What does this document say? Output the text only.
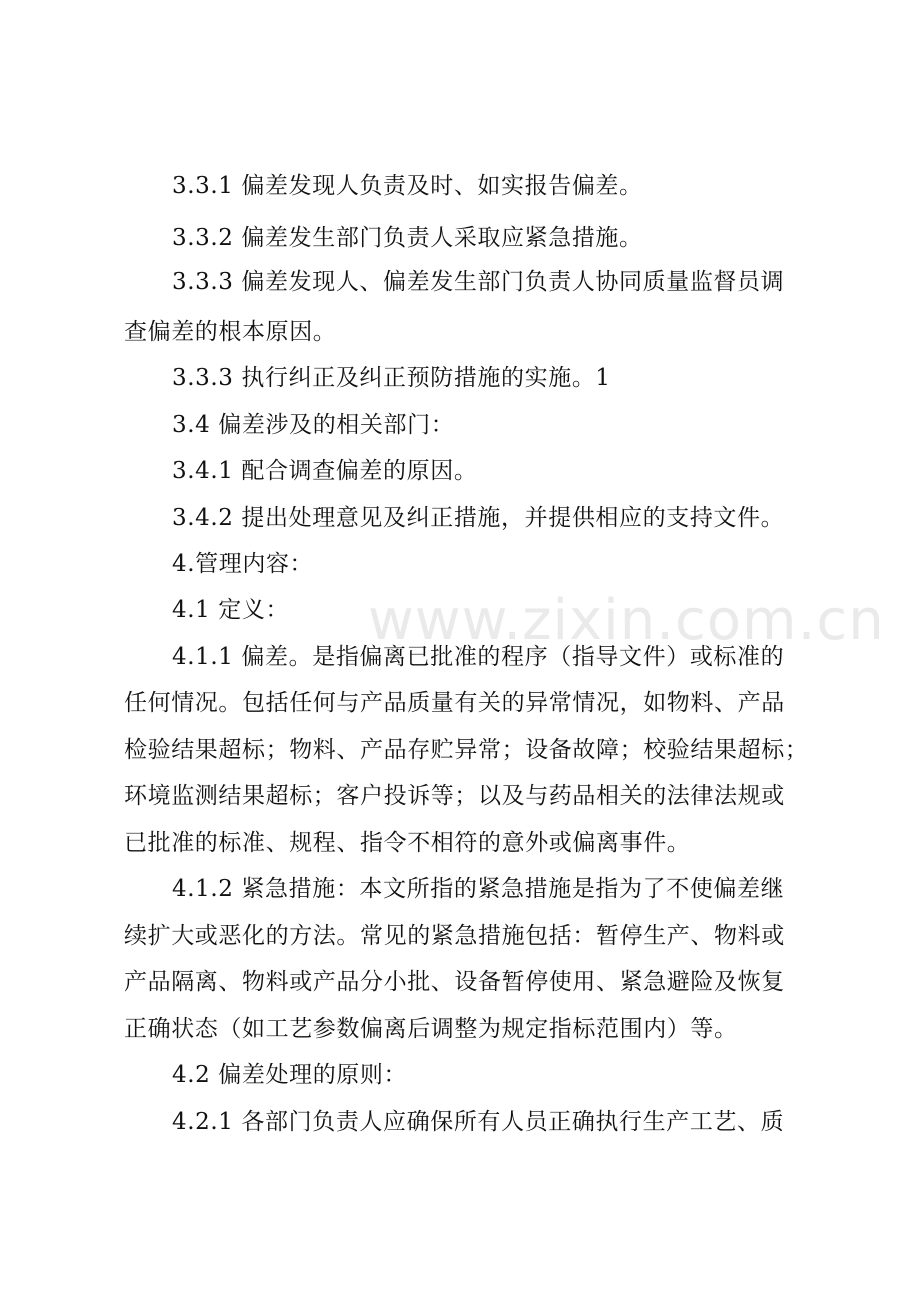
www.zixin.com.cn
3.3.1 偏差发现人负责及时、如实报告偏差。
3.3.2 偏差发生部门负责人采取应紧急措施。
3.3.3 偏差发现人、偏差发生部门负责人协同质量监督员调
查偏差的根本原因。
3.3.3 执行纠正及纠正预防措施的实施。1
3.4 偏差涉及的相关部门：
3.4.1 配合调查偏差的原因。
3.4.2 提出处理意见及纠正措施，并提供相应的支持文件。
4.管理内容：
4.1 定义：
4.1.1 偏差。是指偏离已批准的程序（指导文件）或标准的
任何情况。包括任何与产品质量有关的异常情况，如物料、产品
检验结果超标；物料、产品存贮异常；设备故障；校验结果超标；
环境监测结果超标；客户投诉等；以及与药品相关的法律法规或
已批准的标准、规程、指令不相符的意外或偏离事件。
4.1.2 紧急措施：本文所指的紧急措施是指为了不使偏差继
续扩大或恶化的方法。常见的紧急措施包括：暂停生产、物料或
产品隔离、物料或产品分小批、设备暂停使用、紧急避险及恢复
正确状态（如工艺参数偏离后调整为规定指标范围内）等。
4.2 偏差处理的原则：
4.2.1 各部门负责人应确保所有人员正确执行生产工艺、质
